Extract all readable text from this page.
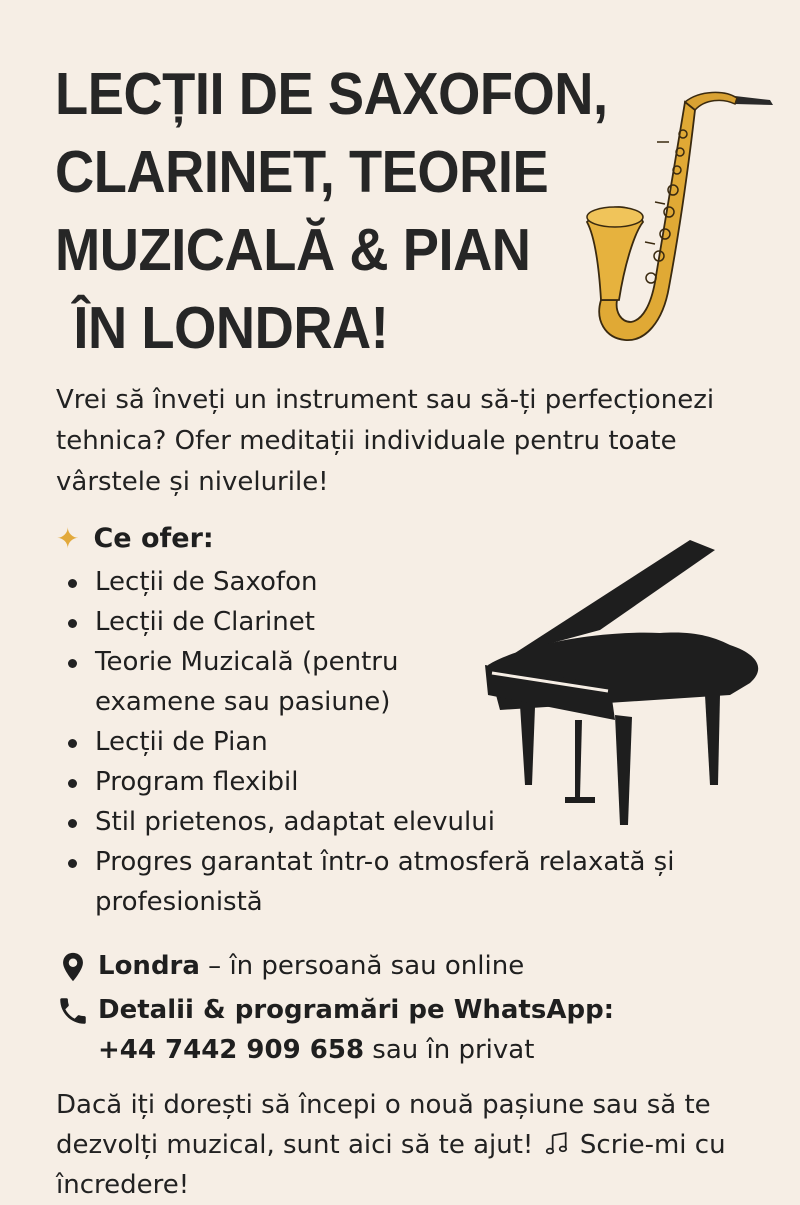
LECȚII DE SAXOFON,
CLARINET, TEORIE
MUZICALĂ & PIAN
ÎN LONDRA!
Vrei să înveți un instrument sau să-ți perfecționezi tehnica? Ofer meditații individuale pentru toate vârstele și nivelurile!
✦ Ce ofer:
Lecții de Saxofon
Lecții de Clarinet
Teorie Muzicală (pentru examene sau pasiune)
Lecții de Pian
Program flexibil
Stil prietenos, adaptat elevului
Progres garantat într-o atmosferă relaxată și profesionistă
Londra – în persoană sau online
Detalii & programări pe WhatsApp:
+44 7442 909 658 sau în privat
Dacă iți dorești să începi o nouă pașiune sau să te dezvolți muzical, sunt aici să te ajut! Scrie-mi cu încredere!
